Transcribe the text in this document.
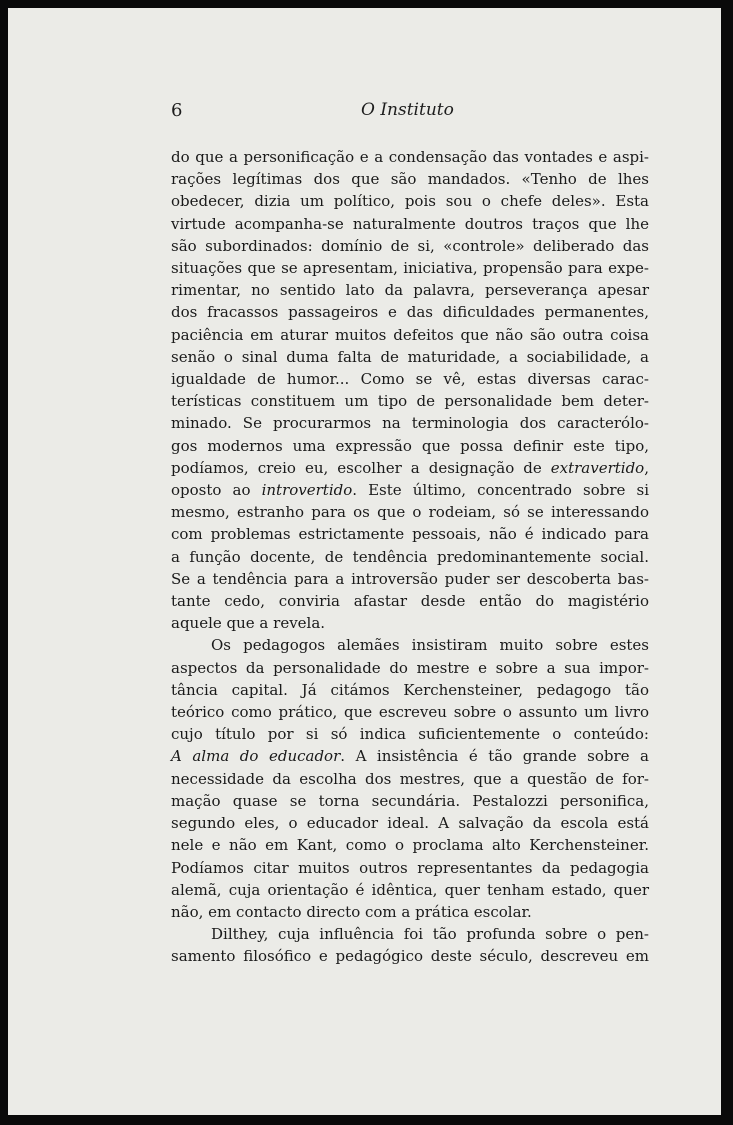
6	O Instituto
do que a personificação e a condensação das vontades e aspi-
rações legítimas dos que são mandados. «Tenho de lhes
obedecer, dizia um político, pois sou o chefe deles». Esta
virtude acompanha-se naturalmente doutros traços que lhe
são subordinados: domínio de si, «controle» deliberado das
situações que se apresentam, iniciativa, propensão para expe-
rimentar, no sentido lato da palavra, perseverança apesar
dos fracassos passageiros e das dificuldades permanentes,
paciência em aturar muitos defeitos que não são outra coisa
senão o sinal duma falta de maturidade, a sociabilidade, a
igualdade de humor... Como se vê, estas diversas carac-
terísticas constituem um tipo de personalidade bem deter-
minado. Se procurarmos na terminologia dos caracterólo-
gos modernos uma expressão que possa definir este tipo,
podíamos, creio eu, escolher a designação de extravertido,
oposto ao introvertido. Este último, concentrado sobre si
mesmo, estranho para os que o rodeiam, só se interessando
com problemas estrictamente pessoais, não é indicado para
a função docente, de tendência predominantemente social.
Se a tendência para a introversão puder ser descoberta bas-
tante cedo, conviria afastar desde então do magistério
aquele que a revela.
Os pedagogos alemães insistiram muito sobre estes
aspectos da personalidade do mestre e sobre a sua impor-
tância capital. Já citámos Kerchensteiner, pedagogo tão
teórico como prático, que escreveu sobre o assunto um livro
cujo título por si só indica suficientemente o conteúdo:
A alma do educador. A insistência é tão grande sobre a
necessidade da escolha dos mestres, que a questão de for-
mação quase se torna secundária. Pestalozzi personifica,
segundo eles, o educador ideal. A salvação da escola está
nele e não em Kant, como o proclama alto Kerchensteiner.
Podíamos citar muitos outros representantes da pedagogia
alemã, cuja orientação é idêntica, quer tenham estado, quer
não, em contacto directo com a prática escolar.
Dilthey, cuja influência foi tão profunda sobre o pen-
samento filosófico e pedagógico deste século, descreveu em
